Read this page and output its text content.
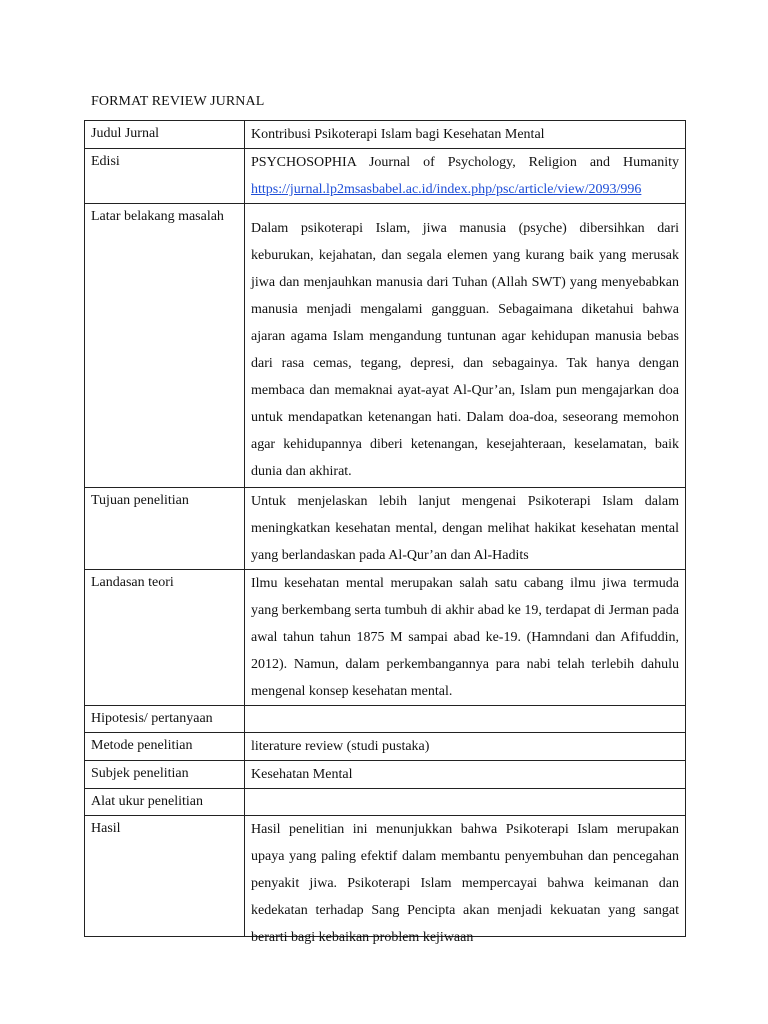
FORMAT REVIEW JURNAL
Judul Jurnal	Kontribusi Psikoterapi Islam bagi Kesehatan Mental
Edisi	PSYCHOSOPHIA Journal of Psychology, Religion and Humanity
https://jurnal.lp2msasbabel.ac.id/index.php/psc/article/view/2093/996

Latar belakang masalah	Dalam psikoterapi Islam, jiwa manusia (psyche) dibersihkan dari keburukan, kejahatan, dan segala elemen yang kurang baik yang merusak jiwa dan menjauhkan manusia dari Tuhan (Allah SWT) yang menyebabkan manusia menjadi mengalami gangguan. Sebagaimana diketahui bahwa ajaran agama Islam mengandung tuntunan agar kehidupan manusia bebas dari rasa cemas, tegang, depresi, dan sebagainya. Tak hanya dengan membaca dan memaknai ayat-ayat Al-Qur’an, Islam pun mengajarkan doa untuk mendapatkan ketenangan hati. Dalam doa-doa, seseorang memohon agar kehidupannya diberi ketenangan, kesejahteraan, keselamatan, baik dunia dan akhirat.

Tujuan penelitian	Untuk menjelaskan lebih lanjut mengenai Psikoterapi Islam dalam meningkatkan kesehatan mental, dengan melihat hakikat kesehatan mental yang berlandaskan pada Al-Qur’an dan Al-Hadits
Landasan teori	Ilmu kesehatan mental merupakan salah satu cabang ilmu jiwa termuda yang berkembang serta tumbuh di akhir abad ke 19, terdapat di Jerman pada awal tahun tahun 1875 M sampai abad ke-19. (Hamndani dan Afifuddin, 2012). Namun, dalam perkembangannya para nabi telah terlebih dahulu mengenal konsep kesehatan mental.
Hipotesis/ pertanyaan	
Metode penelitian	literature review (studi pustaka)
Subjek penelitian	Kesehatan Mental
Alat ukur penelitian	
Hasil	Hasil penelitian ini menunjukkan bahwa Psikoterapi Islam merupakan upaya yang paling efektif dalam membantu penyembuhan dan pencegahan penyakit jiwa. Psikoterapi Islam mempercayai bahwa keimanan dan kedekatan terhadap Sang Pencipta akan menjadi kekuatan yang sangat berarti bagi kebaikan problem kejiwaan
